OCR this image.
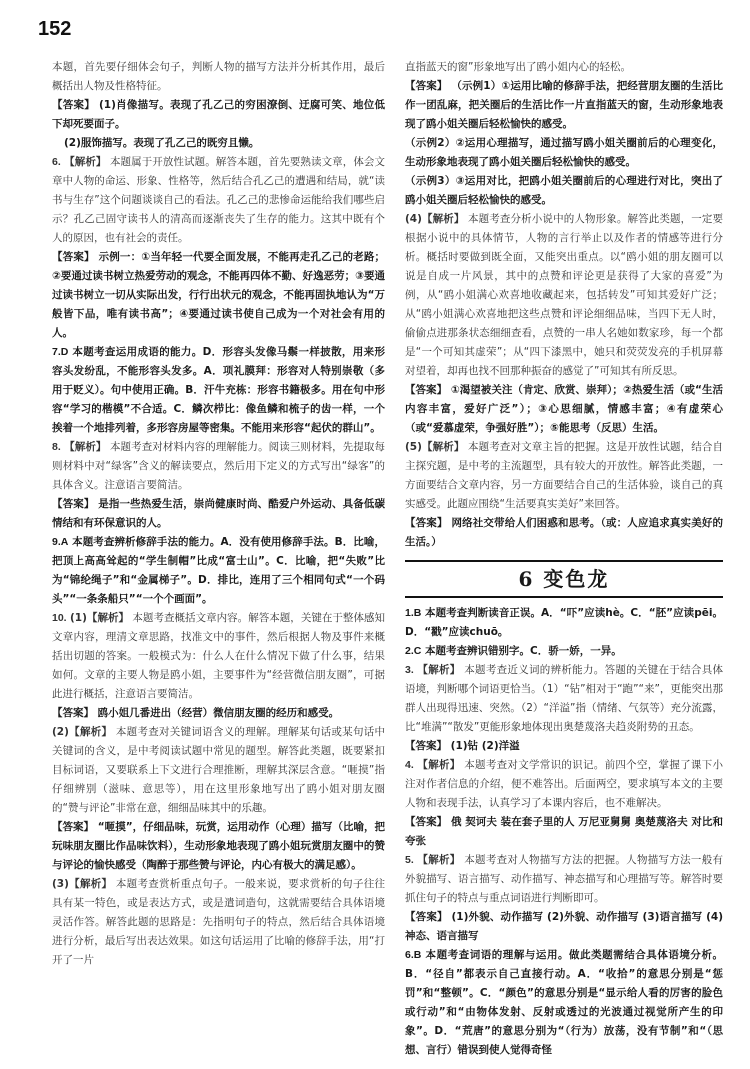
152

本题，首先要仔细体会句子，判断人物的描写方法并分析其作用，最后概括出人物及性格特征。

【答案】 (1)肖像描写。表现了孔乙己的穷困潦倒、迂腐可笑、地位低下却死要面子。

(2)服饰描写。表现了孔乙己的既穷且懒。

6. 【解析】 本题属于开放性试题。解答本题，首先要熟读文章，体会文章中人物的命运、形象、性格等，然后结合孔乙己的遭遇和结局，就“读书与生存”这个问题谈谈自己的看法。孔乙己的悲惨命运能给我们哪些启示？孔乙己固守读书人的清高而逐渐丧失了生存的能力。这其中既有个人的原因，也有社会的责任。

【答案】 示例一：①当年轻一代要全面发展，不能再走孔乙己的老路；②要通过读书树立热爱劳动的观念，不能再四体不勤、好逸恶劳；③要通过读书树立一切从实际出发，行行出状元的观念，不能再固执地认为“万般皆下品，唯有读书高”；④要通过读书使自己成为一个对社会有用的人。

7.D 本题考查运用成语的能力。D．形容头发像马鬃一样披散，用来形容头发纷乱，不能形容头发多。A．项礼膜拜：形容对人特别崇敬（多用于贬义）。句中使用正确。B．汗牛充栋：形容书籍极多。用在句中形容“学习的楷模”不合适。C．鳞次栉比：像鱼鳞和梳子的齿一样，一个挨着一个地排列着，多形容房屋等密集。不能用来形容“起伏的群山”。

8. 【解析】 本题考查对材料内容的理解能力。阅读三则材料，先提取每则材料中对“绿客”含义的解读要点，然后用下定义的方式写出“绿客”的具体含义。注意语言要简洁。

【答案】 是指一些热爱生活，崇尚健康时尚、酷爱户外运动、具备低碳情结和有环保意识的人。

9.A 本题考查辨析修辞手法的能力。A．没有使用修辞手法。B．比喻，把顶上高高耸起的“学生制帽”比成“富士山”。C．比喻，把“失败”比为“锦纶绳子”和“金属梯子”。D．排比，连用了三个相同句式“一个码头”“一条条船只”“一个个画面”。

10. (1)【解析】 本题考查概括文章内容。解答本题，关键在于整体感知文章内容，理清文章思路，找准文中的事件，然后根据人物及事件来概括出切题的答案。一般模式为：什么人在什么情况下做了什么事，结果如何。文章的主要人物是鸥小姐，主要事件为“经营微信朋友圈”，可据此进行概括，注意语言要简洁。

【答案】 鸥小姐几番进出（经营）微信朋友圈的经历和感受。

(2)【解析】 本题考查对关键词语含义的理解。理解某句话或某句话中关键词的含义，是中考阅读试题中常见的题型。解答此类题，既要紧扣目标词语，又要联系上下文进行合理推断，理解其深层含意。“咂摸”指仔细辨别（滋味、意思等），用在这里形象地写出了鸥小姐对朋友圈的“赞与评论”非常在意，细细品味其中的乐趣。

【答案】 “咂摸”，仔细品味，玩赏，运用动作（心理）描写（比喻，把玩味朋友圈比作品味饮料），生动形象地表现了鸥小姐玩赏朋友圈中的赞与评论的愉快感受（陶醉于那些赞与评论，内心有极大的满足感）。

(3)【解析】 本题考查赏析重点句子。一般来说，要求赏析的句子往往具有某一特色，或是表达方式，或是遣词造句，这就需要结合具体语境灵活作答。解答此题的思路是：先指明句子的特点，然后结合具体语境进行分析，最后写出表达效果。如这句话运用了比喻的修辞手法，用“打开了一片

直指蓝天的窗”形象地写出了鸥小姐内心的轻松。

【答案】 （示例1）①运用比喻的修辞手法，把经营朋友圈的生活比作一团乱麻，把关圈后的生活比作一片直指蓝天的窗，生动形象地表现了鸥小姐关圈后轻松愉快的感受。

（示例2）②运用心理描写，通过描写鸥小姐关圈前后的心理变化，生动形象地表现了鸥小姐关圈后轻松愉快的感受。

（示例3）③运用对比，把鸥小姐关圈前后的心理进行对比，突出了鸥小姐关圈后轻松愉快的感受。

(4)【解析】 本题考查分析小说中的人物形象。解答此类题，一定要根据小说中的具体情节，人物的言行举止以及作者的情感等进行分析。概括时要做到既全面，又能突出重点。以“鸥小姐的朋友圈可以说是自成一片风景，其中的点赞和评论更是获得了大家的喜爱”为例，从“鸥小姐满心欢喜地收藏起来，包括转发”可知其爱好广泛；从“鸥小姐满心欢喜地把这些点赞和评论细细品味，当四下无人时，偷偷点进那条状态细细查看，点赞的一串人名她如数家珍，每一个都是“一个可知其虚荣”；从“四下漆黑中，她只和荧荧发亮的手机屏幕对望着，却再也找不回那种振奋的感觉了”可知其有所反思。

【答案】 ①渴望被关注（肯定、欣赏、崇拜）；②热爱生活（或“生活内容丰富，爱好广泛”）；③心思细腻，情感丰富；④有虚荣心（或“爱慕虚荣，争强好胜”）；⑤能思考（反思）生活。

(5)【解析】 本题考查对文章主旨的把握。这是开放性试题，结合自主探究题，是中考的主流题型，具有较大的开放性。解答此类题，一方面要结合文章内容，另一方面要结合自己的生活体验，谈自己的真实感受。此题应围绕“生活要真实美好”来回答。

【答案】 网络社交带给人们困惑和思考。（或：人应追求真实美好的生活。）

6 变色龙

1.B 本题考查判断读音正误。A．“吓”应读hè。C．“胚”应读pēi。D．“戳”应读chuō。

2.C 本题考查辨识错别字。C．骄一娇，一异。

3. 【解析】 本题考查近义词的辨析能力。答题的关键在于结合具体语境，判断哪个词语更恰当。（1）“钻”相对于“跑”“来”，更能突出那群人出现得迅速、突然。（2）“洋溢”指（情绪、气氛等）充分流露，比“堆满”“散发”更能形象地体现出奥楚蔑洛夫趋炎附势的丑态。

【答案】 (1)钻 (2)洋溢

4. 【解析】 本题考查对文学常识的识记。前四个空，掌握了课下小注对作者信息的介绍，便不难答出。后面两空，要求填写本文的主要人物和表现手法，认真学习了本课内容后，也不难解决。

【答案】 俄 契诃夫 装在套子里的人 万尼亚舅舅 奥楚蔑洛夫 对比和夸张

5. 【解析】 本题考查对人物描写方法的把握。人物描写方法一般有外貌描写、语言描写、动作描写、神态描写和心理描写等。解答时要抓住句子的特点与重点词语进行判断即可。

【答案】 (1)外貌、动作描写 (2)外貌、动作描写 (3)语言描写 (4)神态、语言描写

6.B 本题考查词语的理解与运用。做此类题需结合具体语境分析。B．“径自”都表示自己直接行动。A．“收拾”的意思分别是“惩罚”和“整顿”。C．“颜色”的意思分别是“显示给人看的厉害的脸色或行动”和“由物体发射、反射或透过的光波通过视觉所产生的印象”。D．“荒唐”的意思分别为“（行为）放荡，没有节制”和“（思想、言行）错误到使人觉得奇怪
